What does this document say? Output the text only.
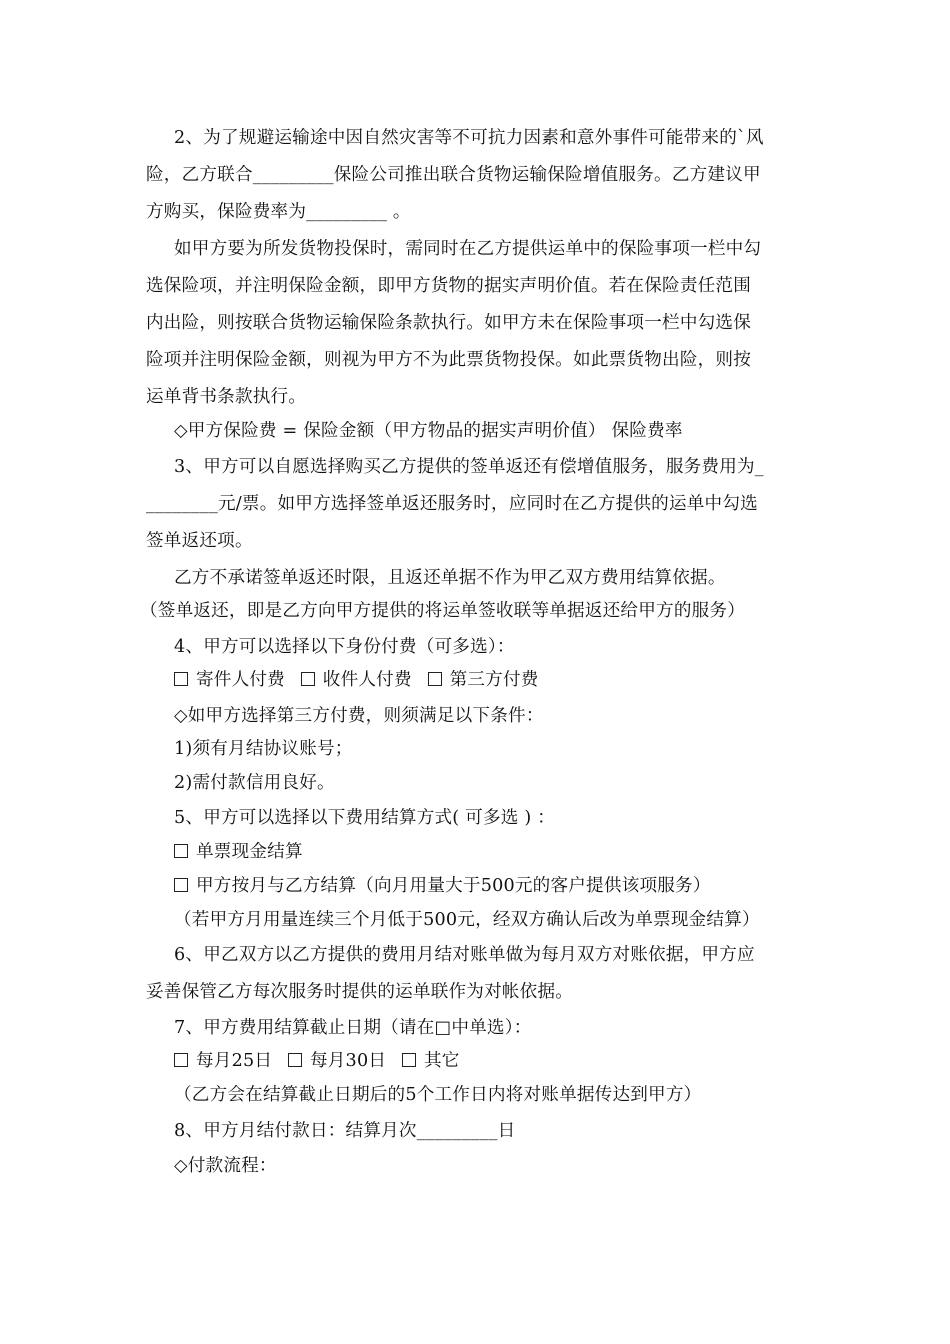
2、为了规避运输途中因自然灾害等不可抗力因素和意外事件可能带来的`风
险，乙方联合_________保险公司推出联合货物运输保险增值服务。乙方建议甲
方购买，保险费率为_________ 。
如甲方要为所发货物投保时，需同时在乙方提供运单中的保险事项一栏中勾
选保险项，并注明保险金额，即甲方货物的据实声明价值。若在保险责任范围
内出险，则按联合货物运输保险条款执行。如甲方未在保险事项一栏中勾选保
险项并注明保险金额，则视为甲方不为此票货物投保。如此票货物出险，则按
运单背书条款执行。
◇甲方保险费 = 保险金额（甲方物品的据实声明价值） 保险费率
3、甲方可以自愿选择购买乙方提供的签单返还有偿增值服务，服务费用为_
________元/票。如甲方选择签单返还服务时，应同时在乙方提供的运单中勾选
签单返还项。
乙方不承诺签单返还时限，且返还单据不作为甲乙双方费用结算依据。
（签单返还，即是乙方向甲方提供的将运单签收联等单据返还给甲方的服务）
4、甲方可以选择以下身份付费（可多选）：
寄件人付费 收件人付费 第三方付费
◇如甲方选择第三方付费，则须满足以下条件：
1)须有月结协议账号；
2)需付款信用良好。
5、甲方可以选择以下费用结算方式( 可多选 ) ：
单票现金结算
甲方按月与乙方结算（向月用量大于500元的客户提供该项服务）
（若甲方月用量连续三个月低于500元，经双方确认后改为单票现金结算）
6、甲乙双方以乙方提供的费用月结对账单做为每月双方对账依据，甲方应
妥善保管乙方每次服务时提供的运单联作为对帐依据。
7、甲方费用结算截止日期（请在□中单选）：
每月25日 每月30日 其它
（乙方会在结算截止日期后的5个工作日内将对账单据传达到甲方）
8、甲方月结付款日：结算月次_________日
◇付款流程：
